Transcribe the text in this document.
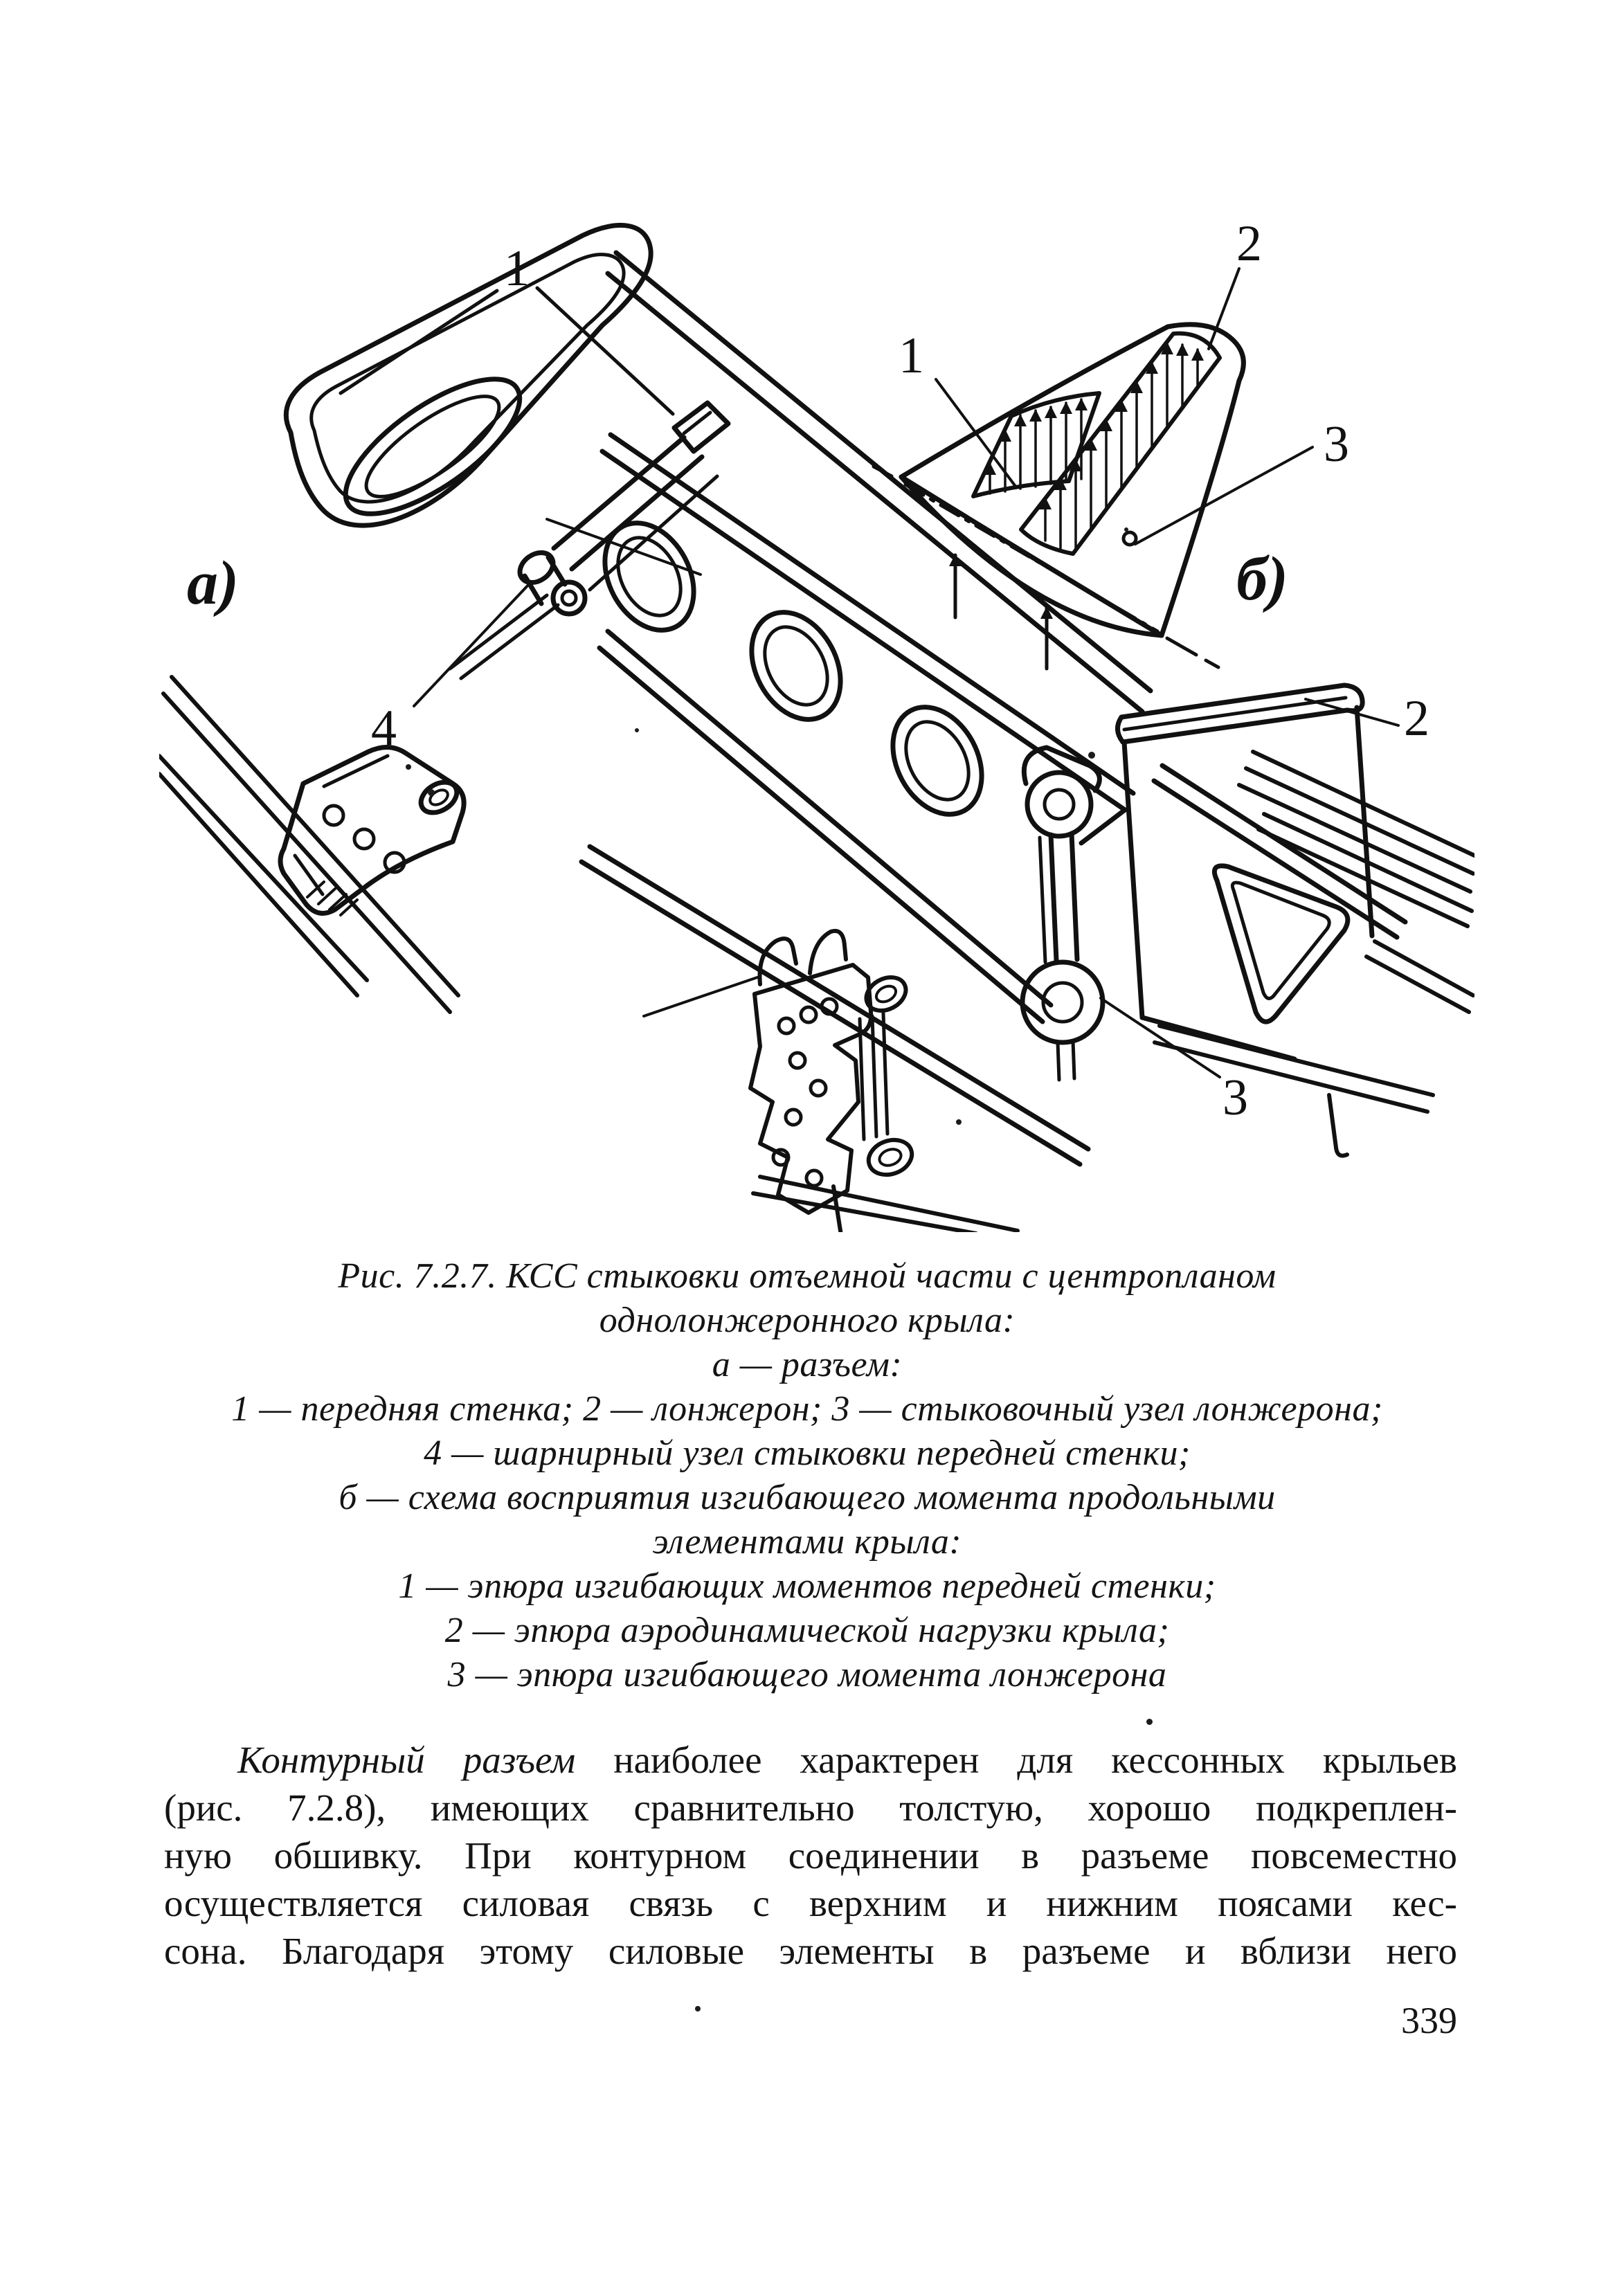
а)	б)
1
4	2
3
1
2
3
Рис. 7.2.7. КСС стыковки отъемной части с центропланом
однолонжеронного крыла:
а — разъем:
1 — передняя стенка; 2 — лонжерон; 3 — стыковочный узел лонжерона;
4 — шарнирный узел стыковки передней стенки;
б — схема восприятия изгибающего момента продольными
элементами крыла:
1 — эпюра изгибающих моментов передней стенки;
2 — эпюра аэродинамической нагрузки крыла;
3 — эпюра изгибающего момента лонжерона
Контурный разъем наиболее характерен для кессонных крыльев
(рис. 7.2.8), имеющих сравнительно толстую, хорошо подкреплен-
ную обшивку. При контурном соединении в разъеме повсеместно
осуществляется силовая связь с верхним и нижним поясами кес-
сона. Благодаря этому силовые элементы в разъеме и вблизи него
339
